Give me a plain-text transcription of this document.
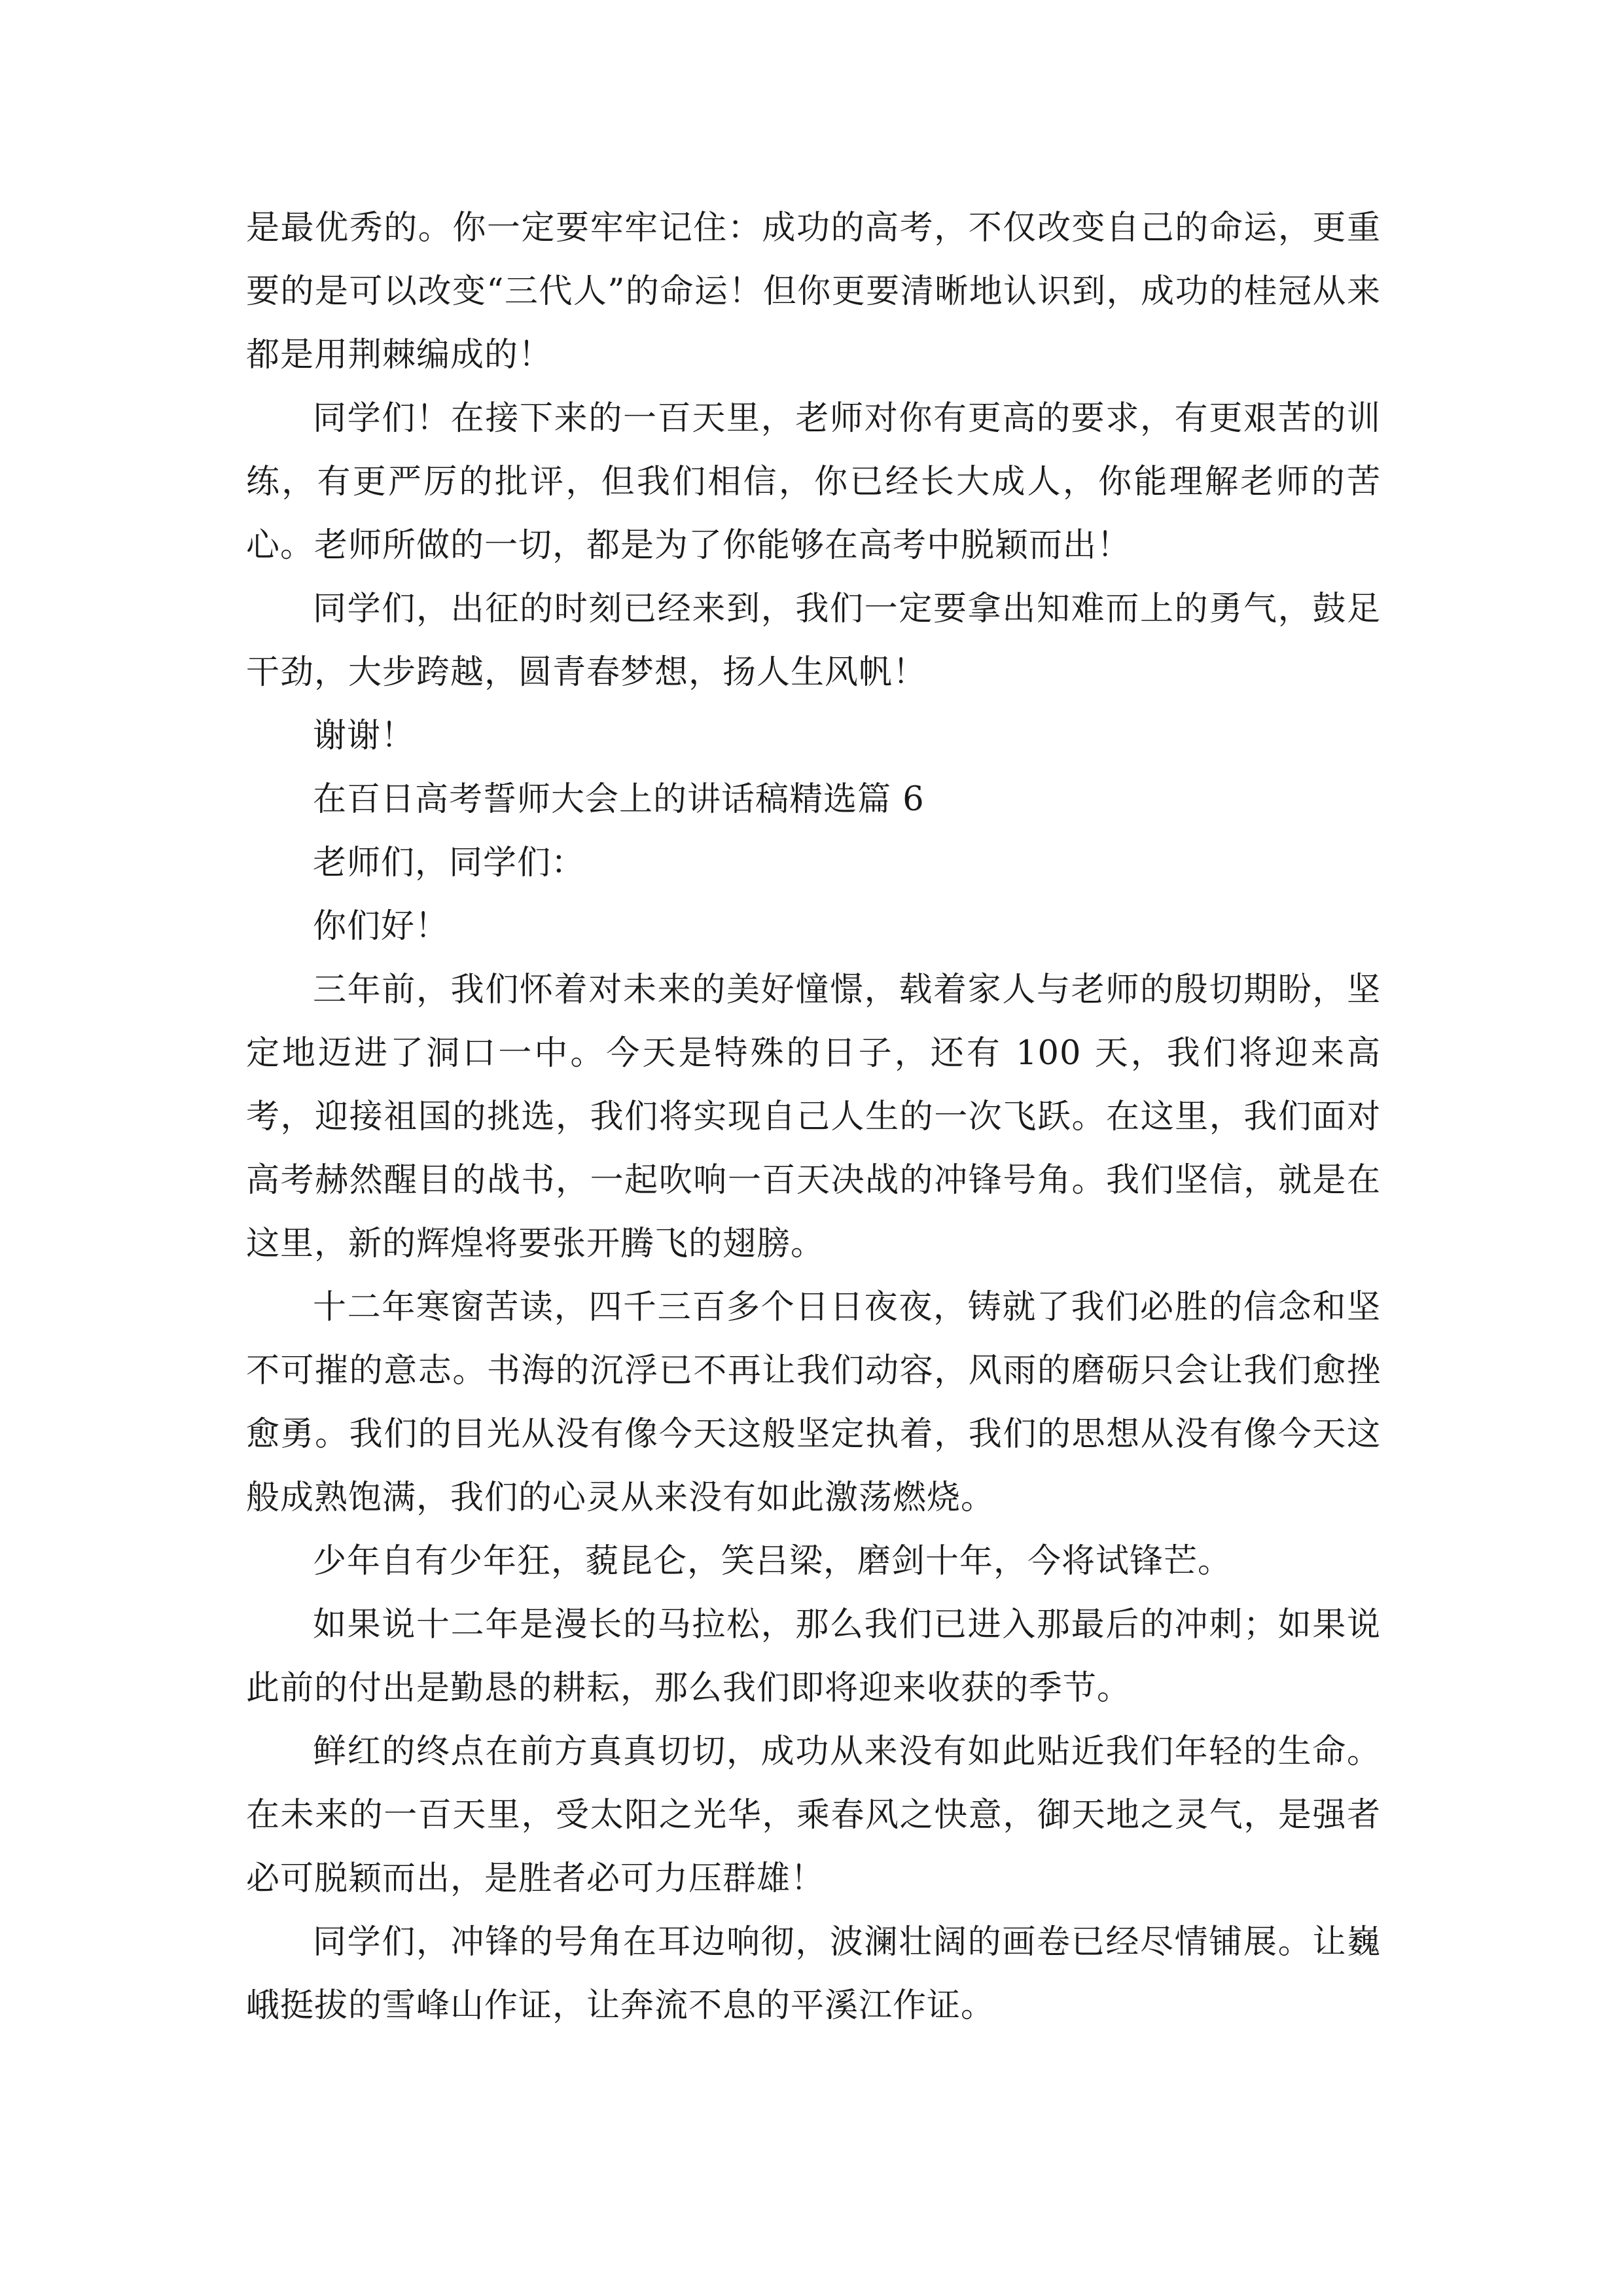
是最优秀的。你一定要牢牢记住：成功的高考，不仅改变自己的命运，更重要的是可以改变“三代人”的命运！但你更要清晰地认识到，成功的桂冠从来都是用荆棘编成的！

同学们！在接下来的一百天里，老师对你有更高的要求，有更艰苦的训练，有更严厉的批评，但我们相信，你已经长大成人，你能理解老师的苦心。老师所做的一切，都是为了你能够在高考中脱颖而出！

同学们，出征的时刻已经来到，我们一定要拿出知难而上的勇气，鼓足干劲，大步跨越，圆青春梦想，扬人生风帆！

谢谢！

在百日高考誓师大会上的讲话稿精选篇 6

老师们，同学们：

你们好！

三年前，我们怀着对未来的美好憧憬，载着家人与老师的殷切期盼，坚定地迈进了洞口一中。今天是特殊的日子，还有 100 天，我们将迎来高考，迎接祖国的挑选，我们将实现自己人生的一次飞跃。在这里，我们面对高考赫然醒目的战书，一起吹响一百天决战的冲锋号角。我们坚信，就是在这里，新的辉煌将要张开腾飞的翅膀。

十二年寒窗苦读，四千三百多个日日夜夜，铸就了我们必胜的信念和坚不可摧的意志。书海的沉浮已不再让我们动容，风雨的磨砺只会让我们愈挫愈勇。我们的目光从没有像今天这般坚定执着，我们的思想从没有像今天这般成熟饱满，我们的心灵从来没有如此激荡燃烧。

少年自有少年狂，藐昆仑，笑吕梁，磨剑十年，今将试锋芒。

如果说十二年是漫长的马拉松，那么我们已进入那最后的冲刺；如果说此前的付出是勤恳的耕耘，那么我们即将迎来收获的季节。

鲜红的终点在前方真真切切，成功从来没有如此贴近我们年轻的生命。在未来的一百天里，受太阳之光华，乘春风之快意，御天地之灵气，是强者必可脱颖而出，是胜者必可力压群雄！

同学们，冲锋的号角在耳边响彻，波澜壮阔的画卷已经尽情铺展。让巍峨挺拔的雪峰山作证，让奔流不息的平溪江作证。
